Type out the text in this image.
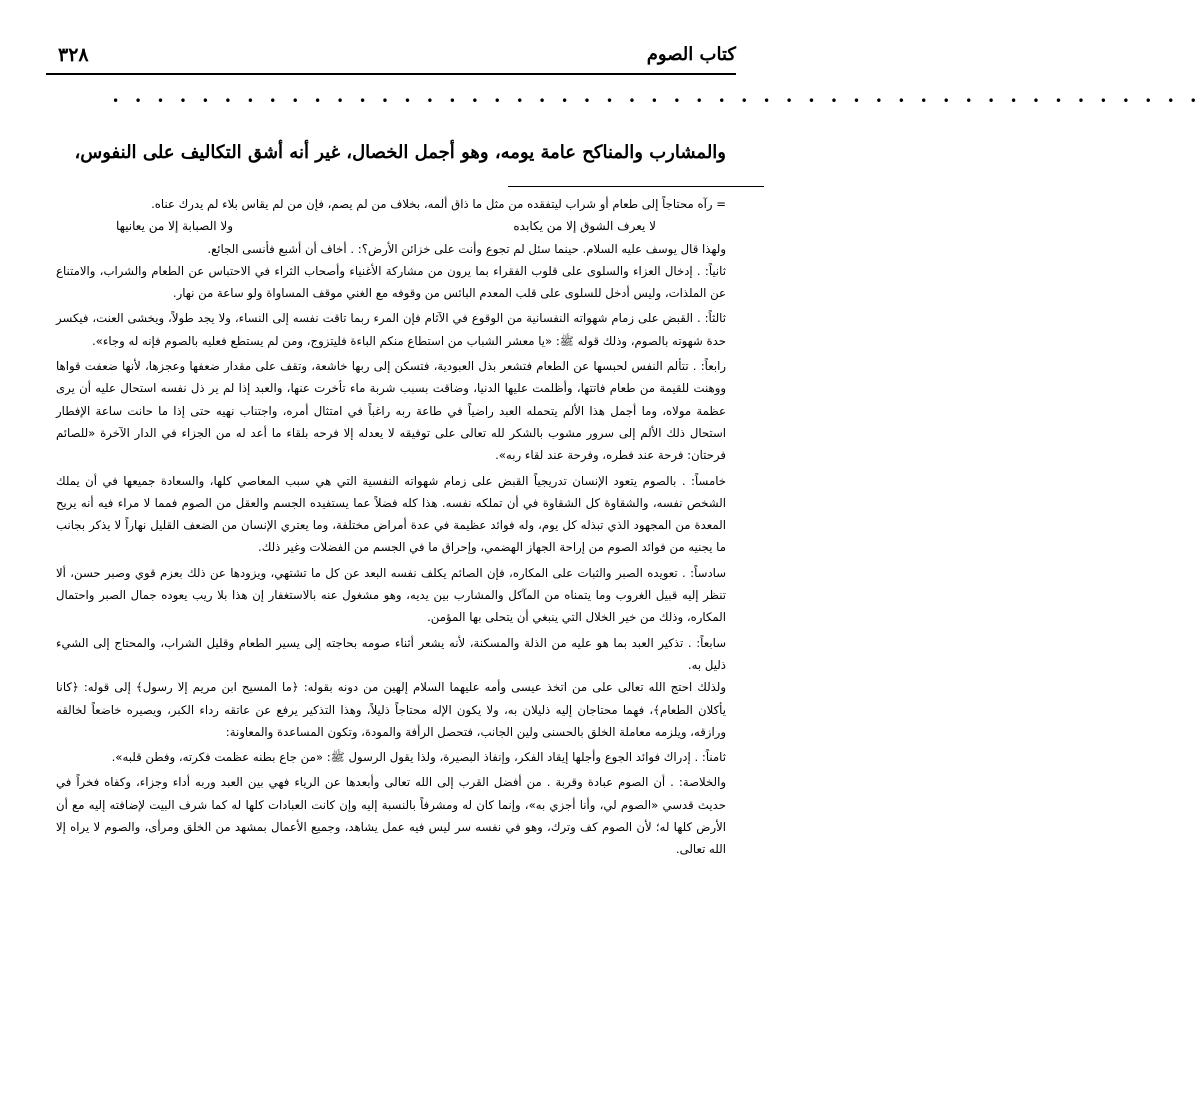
٣٢٨	كتاب الصوم
• • • • • • • • • • • • • • • • • • • • • • • • • • • • • • • • • • • • • • • • • • • • • • • • •
والمشارب والمناكح عامة يومه، وهو أجمل الخصال، غير أنه أشق التكاليف على النفوس،

= رآه محتاجاً إلى طعام أو شراب ليتفقده من مثل ما ذاق ألمه، بخلاف من لم يصم، فإن من لم يقاس بلاء لم يدرك عناه.

لا يعرف الشوق إلا من يكابده
ولا الصبابة إلا من يعانيها

ولهذا قال يوسف عليه السلام. حينما سئل لم تجوع وأنت على خزائن الأرض؟: . أخاف أن أشبع فأنسى الجائع.

ثانياً: . إدخال العزاء والسلوى على قلوب الفقراء بما يرون من مشاركة الأغنياء وأصحاب الثراء في الاحتباس عن الطعام والشراب، والامتناع عن الملذات، وليس أدخل للسلوى على قلب المعدم البائس من وقوفه مع الغني موقف المساواة ولو ساعة من نهار.

ثالثاً: . القبض على زمام شهواته النفسانية من الوقوع في الآثام فإن المرء ربما تاقت نفسه إلى النساء، ولا يجد طولاً، ويخشى العنت، فيكسر حدة شهوته بالصوم، وذلك قوله ﷺ: «يا معشر الشباب من استطاع منكم الباءة فليتزوج، ومن لم يستطع فعليه بالصوم فإنه له وجاء».

رابعاً: . تتألم النفس لحبسها عن الطعام فتشعر بذل العبودية، فتسكن إلى ربها خاشعة، وتقف على مقدار ضعفها وعجزها، لأنها ضعفت قواها ووهنت للقيمة من طعام فاتتها، وأظلمت عليها الدنيا، وضاقت بسبب شربة ماء تأخرت عنها، والعبد إذا لم ير ذل نفسه استحال عليه أن يرى عظمة مولاه، وما أجمل هذا الألم يتحمله العبد راضياً في طاعة ربه راغباً في امتثال أمره، واجتناب نهيه حتى إذا ما حانت ساعة الإفطار استحال ذلك الألم إلى سرور مشوب بالشكر لله تعالى على توفيقه لا يعدله إلا فرحه بلقاء ما أعد له من الجزاء في الدار الآخرة «للصائم فرحتان: فرحة عند فطره، وفرحة عند لقاء ربه».

خامساً: . بالصوم يتعود الإنسان تدريجياً القبض على زمام شهواته النفسية التي هي سبب المعاصي كلها، والسعادة جميعها في أن يملك الشخص نفسه، والشقاوة كل الشقاوة في أن تملكه نفسه. هذا كله فضلاً عما يستفيده الجسم والعقل من الصوم فمما لا مراء فيه أنه يريح المعدة من المجهود الذي تبذله كل يوم، وله فوائد عظيمة في عدة أمراض مختلفة، وما يعتري الإنسان من الضعف القليل نهاراً لا يذكر بجانب ما يجنيه من فوائد الصوم من إراحة الجهاز الهضمي، وإحراق ما في الجسم من الفضلات وغير ذلك.

سادساً: . تعويده الصبر والثبات على المكاره، فإن الصائم يكلف نفسه البعد عن كل ما تشتهي، ويزودها عن ذلك بعزم قوي وصبر حسن، ألا تنظر إليه قبيل الغروب وما يتمناه من المآكل والمشارب بين يديه، وهو مشغول عنه بالاستغفار إن هذا بلا ريب يعوده جمال الصبر واحتمال المكاره، وذلك من خير الخلال التي ينبغي أن يتحلى بها المؤمن.

سابعاً: . تذكير العبد بما هو عليه من الذلة والمسكنة، لأنه يشعر أثناء صومه بحاجته إلى يسير الطعام وقليل الشراب، والمحتاج إلى الشيء ذليل به.

ولذلك احتج الله تعالى على من اتخذ عيسى وأمه عليهما السلام إلهين من دونه بقوله: ﴿ما المسيح ابن مريم إلا رسول﴾ إلى قوله: ﴿كانا يأكلان الطعام﴾، فهما محتاجان إليه ذليلان به، ولا يكون الإله محتاجاً ذليلاً، وهذا التذكير يرفع عن عاتقه رداء الكبر، ويصيره خاضعاً لخالقه ورازقه، ويلزمه معاملة الخلق بالحسنى ولين الجانب، فتحصل الرأفة والمودة، وتكون المساعدة والمعاونة:

ثامناً: . إدراك فوائد الجوع وأجلها إيقاد الفكر، وإنفاذ البصيرة، ولذا يقول الرسول ﷺ: «من جاع بطنه عظمت فكرته، وفطن قلبه».

والخلاصة: . أن الصوم عبادة وقربة . من أفضل القرب إلى الله تعالى وأبعدها عن الرياء فهي بين العبد وربه أداء وجزاء، وكفاه فخراً في حديث قدسي «الصوم لي، وأنا أجزي به»، وإنما كان له ومشرفاً بالنسبة إليه وإن كانت العبادات كلها له كما شرف البيت لإضافته إليه مع أن الأرض كلها له؛ لأن الصوم كف وترك، وهو في نفسه سر ليس فيه عمل يشاهد، وجميع الأعمال بمشهد من الخلق ومرأى، والصوم لا يراه إلا الله تعالى.
